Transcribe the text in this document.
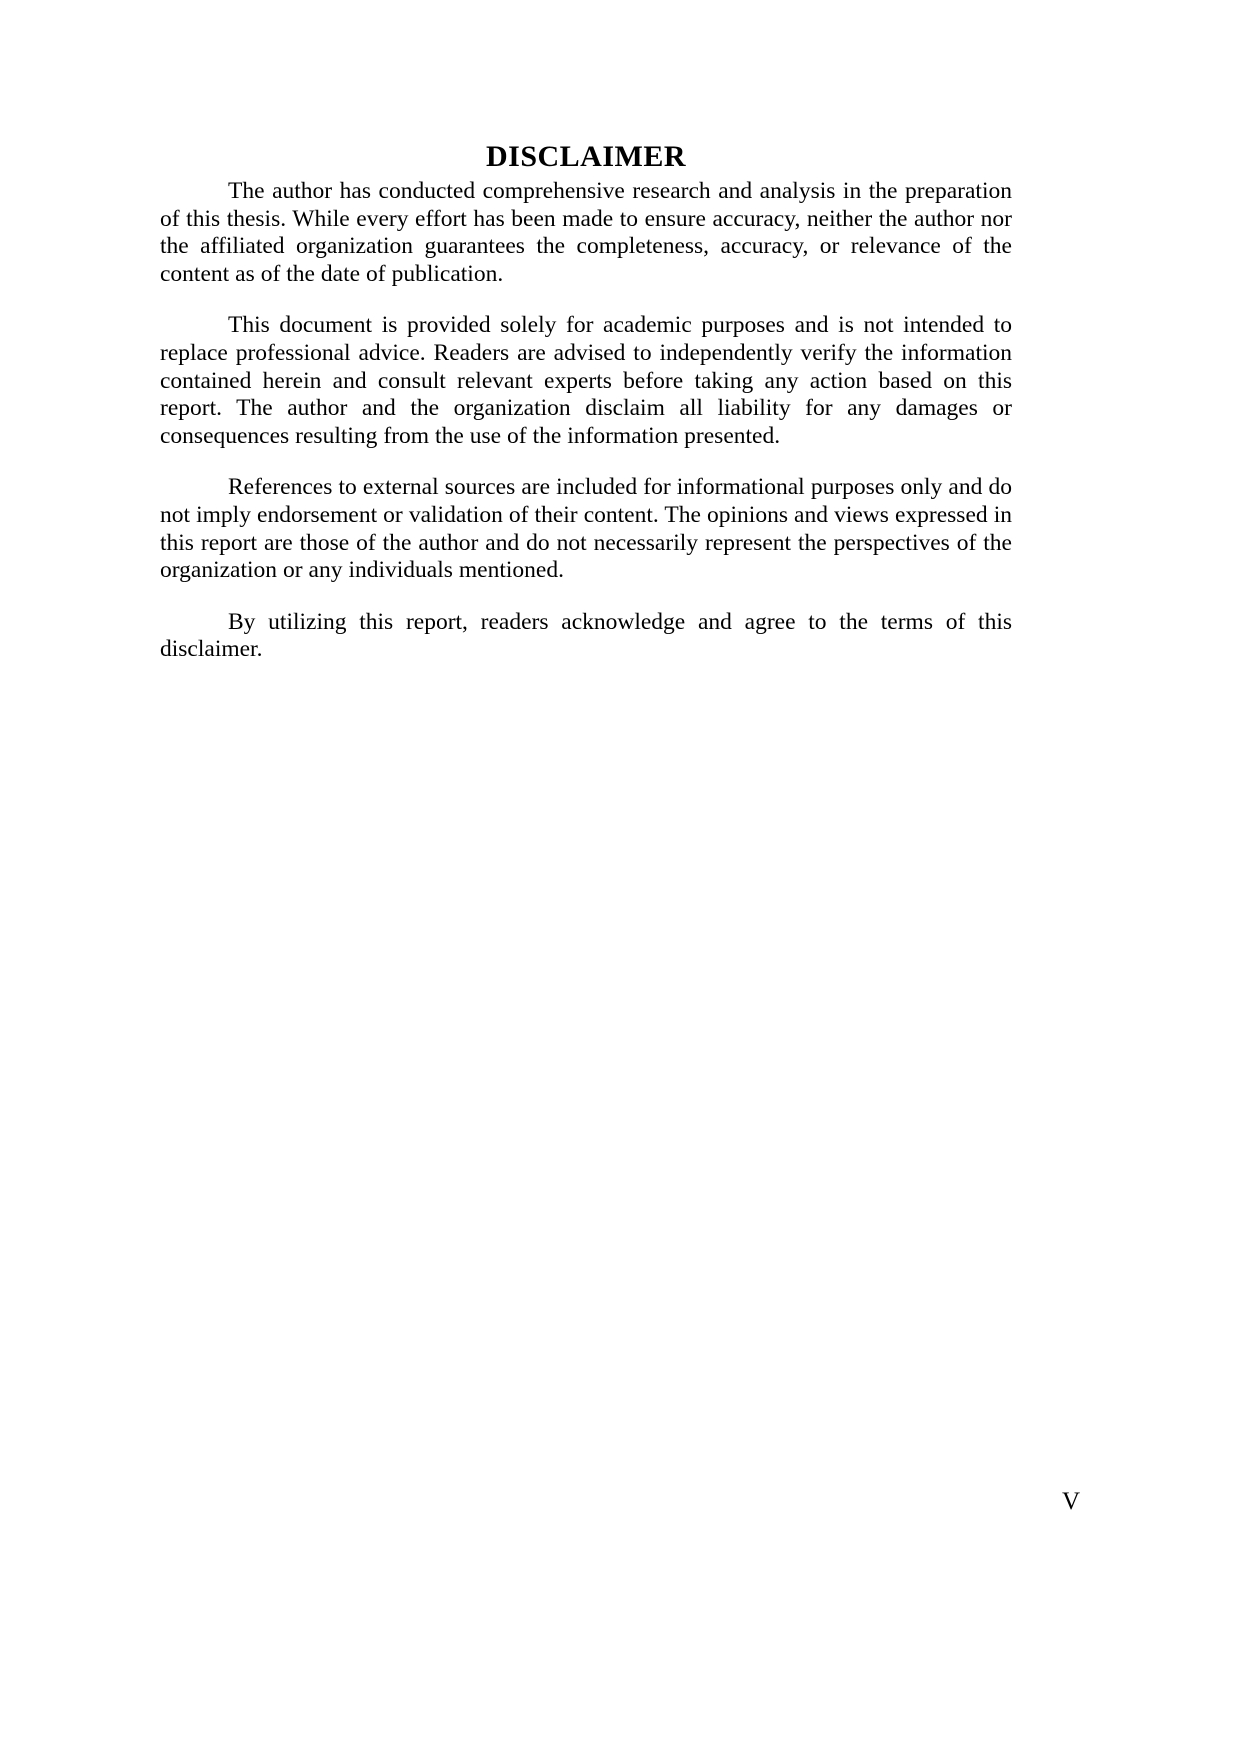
DISCLAIMER

The author has conducted comprehensive research and analysis in the preparation of this thesis. While every effort has been made to ensure accuracy, neither the author nor the affiliated organization guarantees the completeness, accuracy, or relevance of the content as of the date of publication.

This document is provided solely for academic purposes and is not intended to replace professional advice. Readers are advised to independently verify the information contained herein and consult relevant experts before taking any action based on this report. The author and the organization disclaim all liability for any damages or consequences resulting from the use of the information presented.

References to external sources are included for informational purposes only and do not imply endorsement or validation of their content. The opinions and views expressed in this report are those of the author and do not necessarily represent the perspectives of the organization or any individuals mentioned.

By utilizing this report, readers acknowledge and agree to the terms of this disclaimer.

V
